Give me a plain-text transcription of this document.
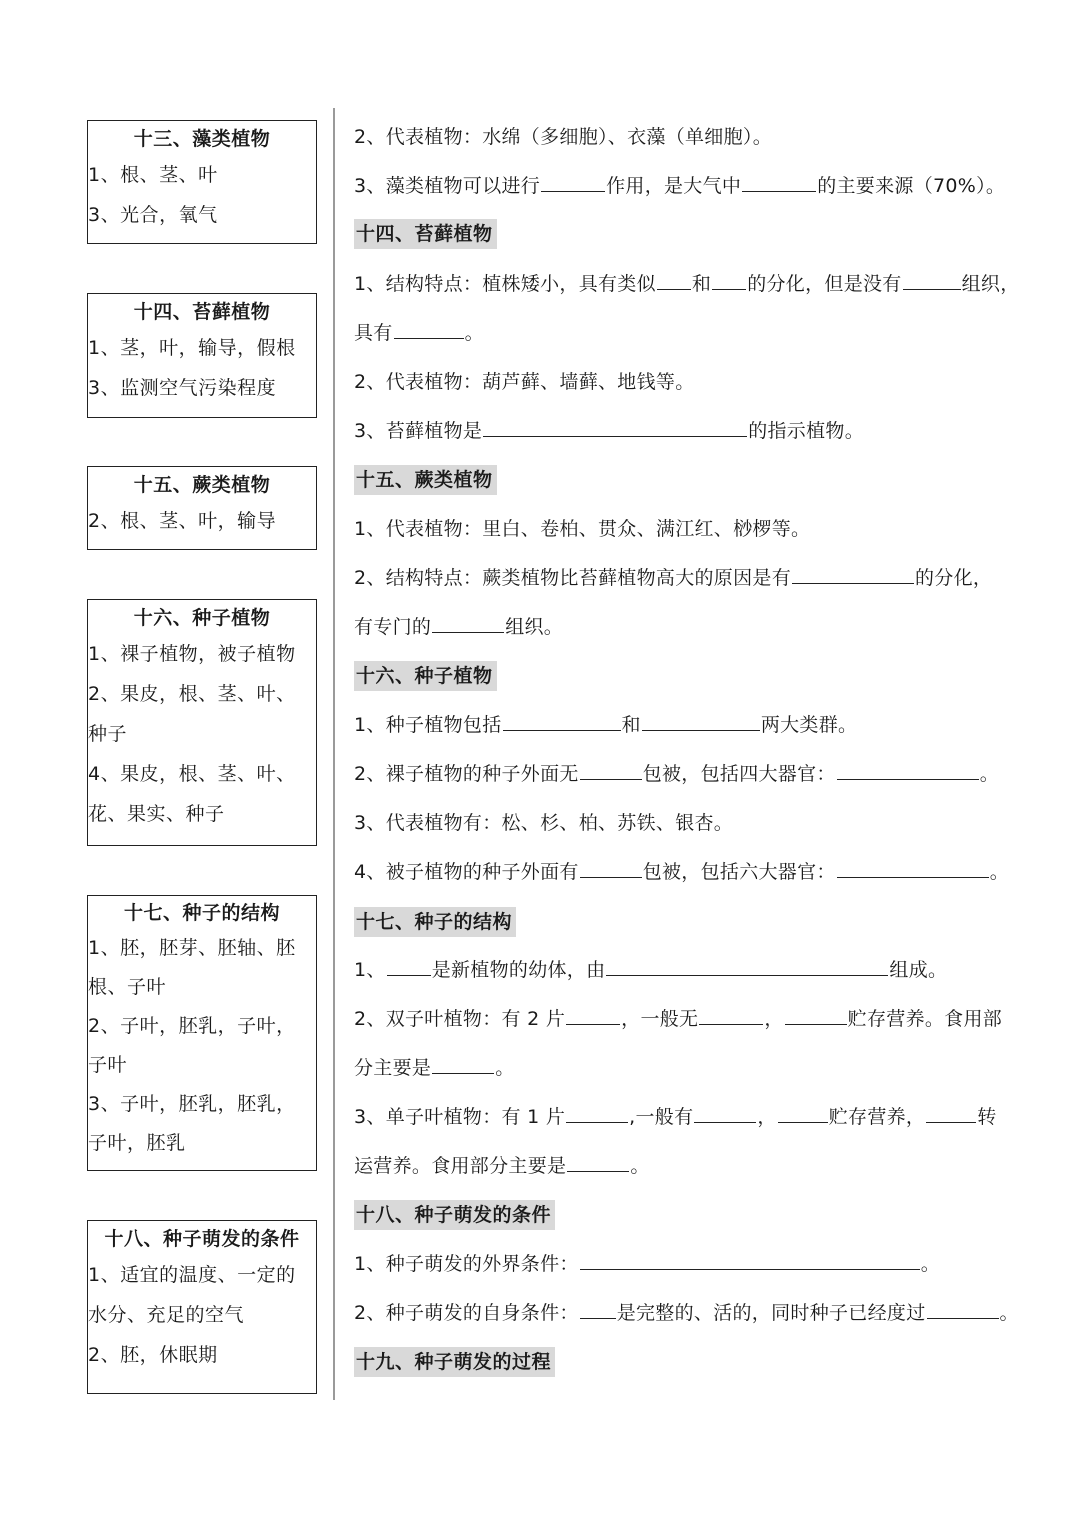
十三、藻类植物
1、根、茎、叶
3、光合，氧气
十四、苔藓植物
1、茎，叶，输导，假根
3、监测空气污染程度
十五、蕨类植物
2、根、茎、叶，输导
十六、种子植物
1、裸子植物，被子植物
2、果皮，根、茎、叶、种子
4、果皮，根、茎、叶、花、果实、种子
十七、种子的结构
1、胚，胚芽、胚轴、胚根、子叶
2、子叶，胚乳，子叶，子叶
3、子叶，胚乳，胚乳，子叶，胚乳
十八、种子萌发的条件
1、适宜的温度、一定的水分、充足的空气
2、胚，休眠期
2、代表植物：水绵（多细胞）、衣藻（单细胞）。
3、藻类植物可以进行	作用，是大气中	的主要来源（70%）。
十四、苔藓植物
1、结构特点：植株矮小，具有类似 和 的分化，但是没有	组织，
具有	。
2、代表植物：葫芦藓、墙藓、地钱等。
3、苔藓植物是	的指示植物。
十五、蕨类植物
1、代表植物：里白、卷柏、贯众、满江红、桫椤等。
2、结构特点：蕨类植物比苔藓植物高大的原因是有	的分化，
有专门的	组织。
十六、种子植物
1、种子植物包括	和	两大类群。
2、裸子植物的种子外面无	包被，包括四大器官：	。
3、代表植物有：松、杉、柏、苏铁、银杏。
4、被子植物的种子外面有	包被，包括六大器官：	。
十七、种子的结构
1、 是新植物的幼体，由	组成。
2、双子叶植物：有 2 片	，一般无	，	贮存营养。食用部
分主要是	。
3、单子叶植物：有 1 片	,一般有	，	贮存营养，	转
运营养。食用部分主要是	。
十八、种子萌发的条件
1、种子萌发的外界条件：	。
2、种子萌发的自身条件： 是完整的、活的，同时种子已经度过	。
十九、种子萌发的过程
